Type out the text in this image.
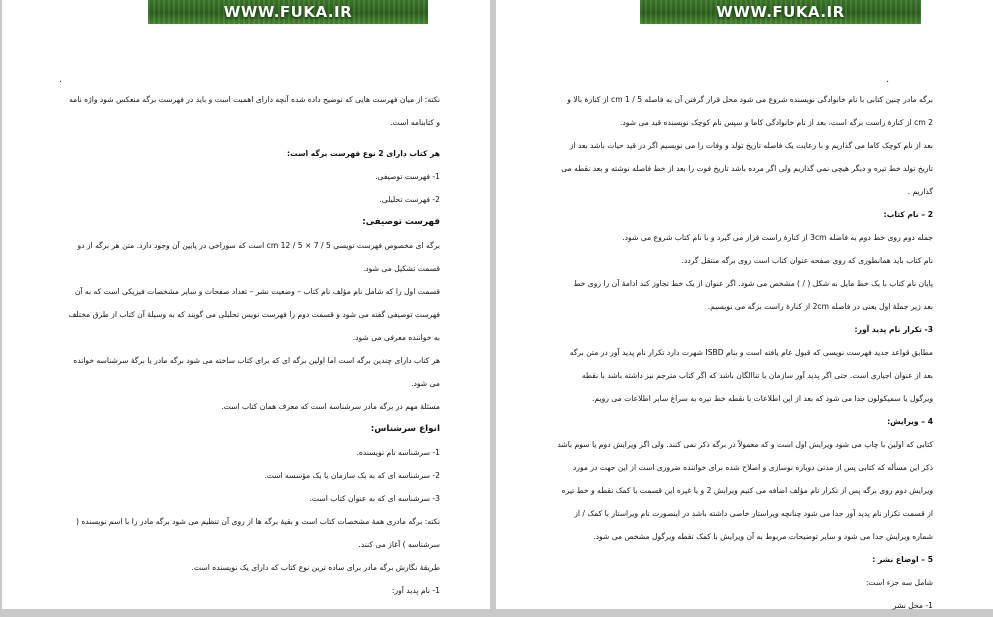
WWW.FUKA.IR
.
نکته: از میان فهرست هایی که توضیح داده شده آنچه دارای اهمیت است و باید در فهرست برگه منعکس شود واژه نامه
و کتابنامه است.
هر کتاب دارای 2 نوع فهرست برگه است:
1- فهرست توصیفی.
2- فهرست تحلیلی.
فهرست توصیفی:
برگه ای مخصوص فهرست نویسی 5 / 7 × 5 / 12 cm است که سوراخی در پایین آن وجود دارد. متن هر برگه از دو
قسمت تشکیل می شود.
قسمت اول را که شامل نام مؤلف نام کتاب – وضعیت نشر – تعداد صفحات و سایر مشخصات فیزیکی است که به آن
فهرست توصیفی گفته می شود و قسمت دوم را فهرست نویس تحلیلی می گویند که به وسیلۀ آن کتاب از طرق مختلف
به خواننده معرفی می شود.
هر کتاب دارای چندین برگه است اما اولین برگه ای که برای کتاب ساخته می شود برگه مادر یا برگۀ سرشناسه خوانده
می شود.
مسئلۀ مهم در برگه مادر سرشناسه است که معرف همان کتاب است.
انواع سرشناس:
1- سرشناسه نام نویسنده.
2- سرشناسه ای که به یک سازمان یا یک مؤسسه است.
3- سرشناسه ای که به عنوان کتاب است.
نکته: برگه مادری همۀ مشخصات کتاب است و بقیۀ برگه ها از روی آن تنظیم می شود برگه مادر را با اسم نویسنده (
سرشناسه ) آغاز می کنند.
طریقۀ نگارش برگه مادر برای ساده ترین نوع کتاب که دارای یک نویسنده است.
1- نام پدید آور:
WWW.FUKA.IR
.
برگه مادر چنین کتابی با نام خانوادگی نویسنده شروع می شود محل قرار گرفتن آن به فاصله 5 / 1 cm از کنارۀ بالا و
2 cm از کنارۀ راست برگه است، بعد از نام خانوادگی کاما و سپس نام کوچک نویسنده قید می شود.
بعد از نام کوچک کاما می گذاریم و با رعایت یک فاصله تاریخ تولد و وفات را می نویسیم اگر در قید حیات باشد بعد از
تاریخ تولد خط تیره و دیگر هیچی نمی گذاریم ولی اگر مرده باشد تاریخ فوت را بعد از خط فاصله نوشته و بعد نقطه می
گذاریم .
2 – نام کتاب:
جمله دوم روی خط دوم به فاصله 3cm از کنارۀ راست قرار می گیرد و با نام کتاب شروع می شود.
نام کتاب باید همانطوری که روی صفحه عنوان کتاب است روی برگه منتقل گردد.
پایان نام کتاب با یک خط مایل به شکل ( / ) مشخص می شود. اگر عنوان از یک خط تجاوز کند ادامۀ آن را روی خط
بعد زیر جملۀ اول یعنی در فاصله 2cm از کنارۀ راست برگه می نویسیم.
3- تکرار نام پدید آور:
مطابق قواعد جدید فهرست نویسی که قبول عام یافته است و بنام ISBD شهرت دارد تکرار نام پدید آور در متن برگه
بعد از عنوان اجباری است. حتی اگر پدید آور سازمان یا تناالگان باشد که اگر کتاب مترجم نیز داشته باشد با نقطه
ویرگول یا سمیکولون جدا می شود که بعد از این اطلاعات با نقطه خط تیره به سراغ سایر اطلاعات می رویم.
4 – ویرایش:
کتابی که اولین با چاپ می شود ویرایش اول است و که معمولاً در برگه ذکر نمی کنند. ولی اگر ویرایش دوم یا سوم باشد
ذکر این مسأله که کتابی پس از مدتی دوباره نوسازی و اصلاح شده برای خواننده ضروری است از این جهت در مورد
ویرایش دوم روی برگه پس از تکرار نام مؤلف اضافه می کنیم ویرایش 2 و یا غیره این قسمت با کمک نقطه و خط تیره
از قسمت تکرار نام پدید آور جدا می شود چنانچه ویراستار خاصی داشته باشد در اینصورت نام ویراستار با کمک / از
شماره ویرایش جدا می شود و سایر توضیحات مربوط به آن ویرایش با کمک نقطه ویرگول مشخص می شود.
5 – اوضاع نشر :
شامل سه جزء است:
1- محل نشر
